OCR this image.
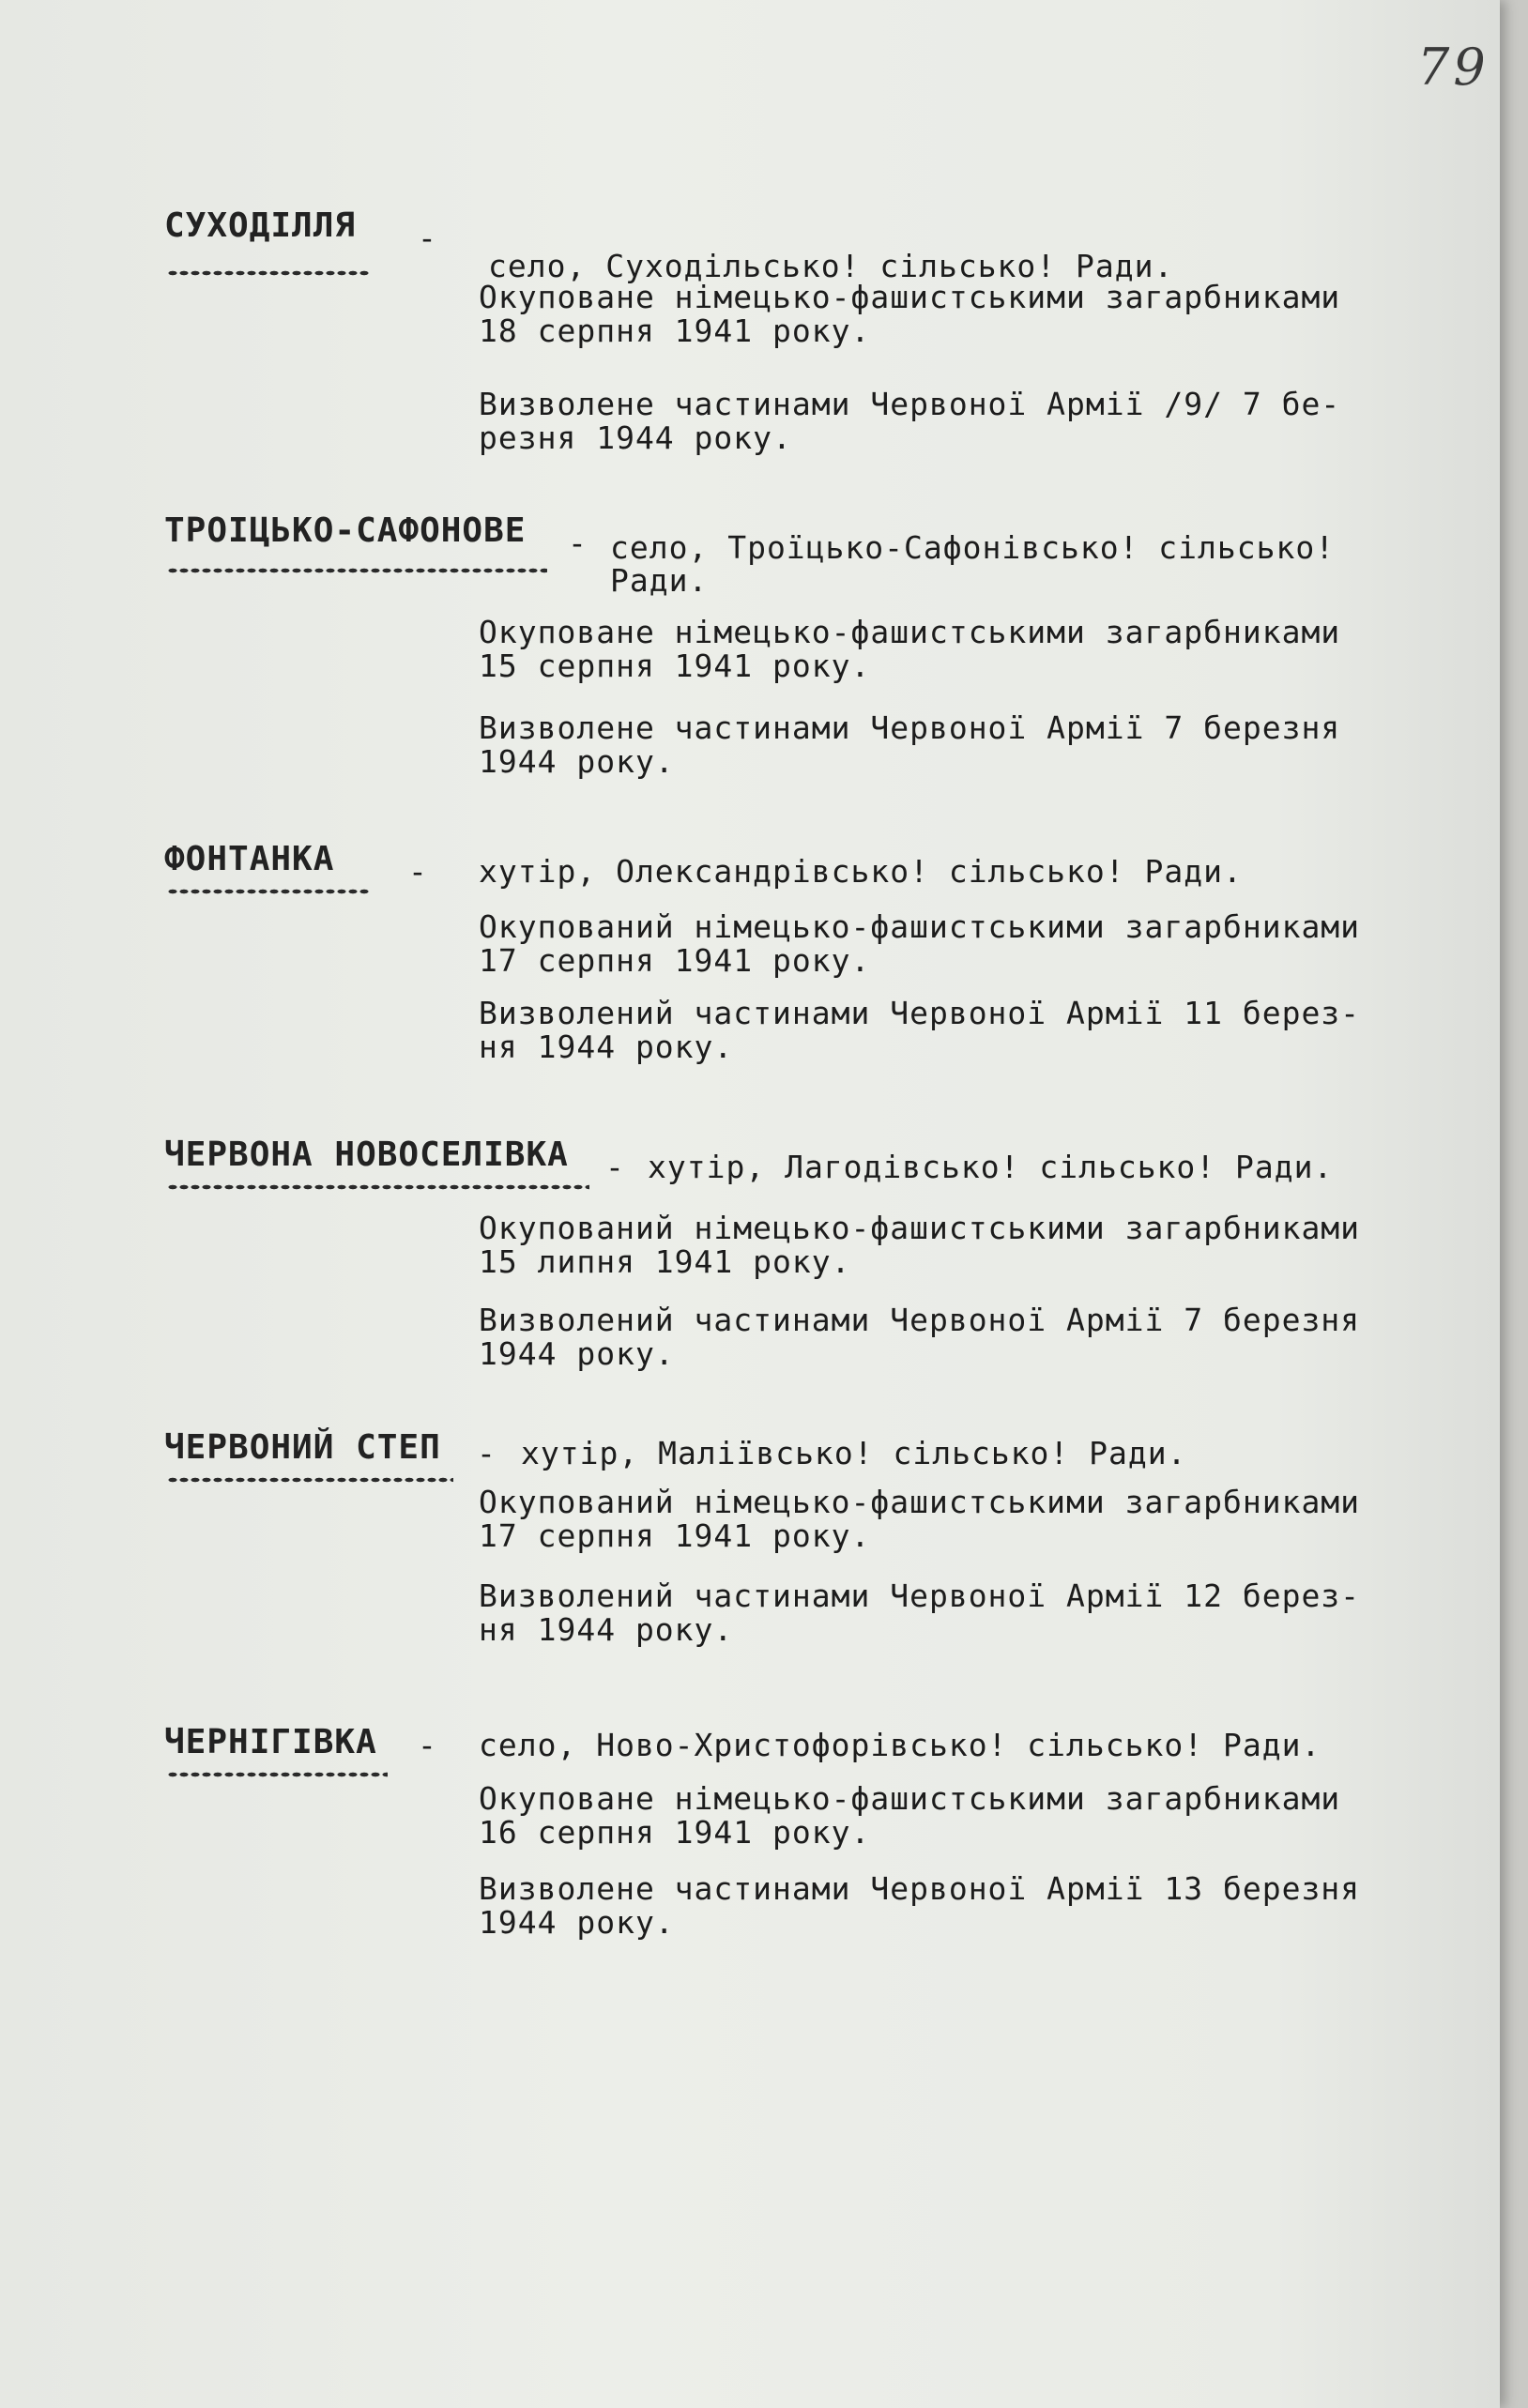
79
СУХОДІЛЛЯ -
село, Суходільсько! сільсько! Ради.
Окуповане німецько-фашистськими загарбниками
18 серпня 1941 року.
Визволене частинами Червоної Армії /9/ 7 бе-
резня 1944 року.
ТРОІЦЬКО-САФОНОВЕ - село, Троїцько-Сафонівсько! сільсько!
Ради.
Окуповане німецько-фашистськими загарбниками
15 серпня 1941 року.
Визволене частинами Червоної Армії 7 березня
1944 року.
ФОНТАНКА - хутір, Олександрівсько! сільсько! Ради.
Окупований німецько-фашистськими загарбниками
17 серпня 1941 року.
Визволений частинами Червоної Армії 11 берез-
ня 1944 року.
ЧЕРВОНА НОВОСЕЛІВКА - хутір, Лагодівсько! сільсько! Ради.
Окупований німецько-фашистськими загарбниками
15 липня 1941 року.
Визволений частинами Червоної Армії 7 березня
1944 року.
ЧЕРВОНИЙ СТЕП - хутір, Маліївсько! сільсько! Ради.
Окупований німецько-фашистськими загарбниками
17 серпня 1941 року.
Визволений частинами Червоної Армії 12 берез-
ня 1944 року.
ЧЕРНІГІВКА - село, Ново-Христофорівсько! сільсько! Ради.
Окуповане німецько-фашистськими загарбниками
16 серпня 1941 року.
Визволене частинами Червоної Армії 13 березня
1944 року.
